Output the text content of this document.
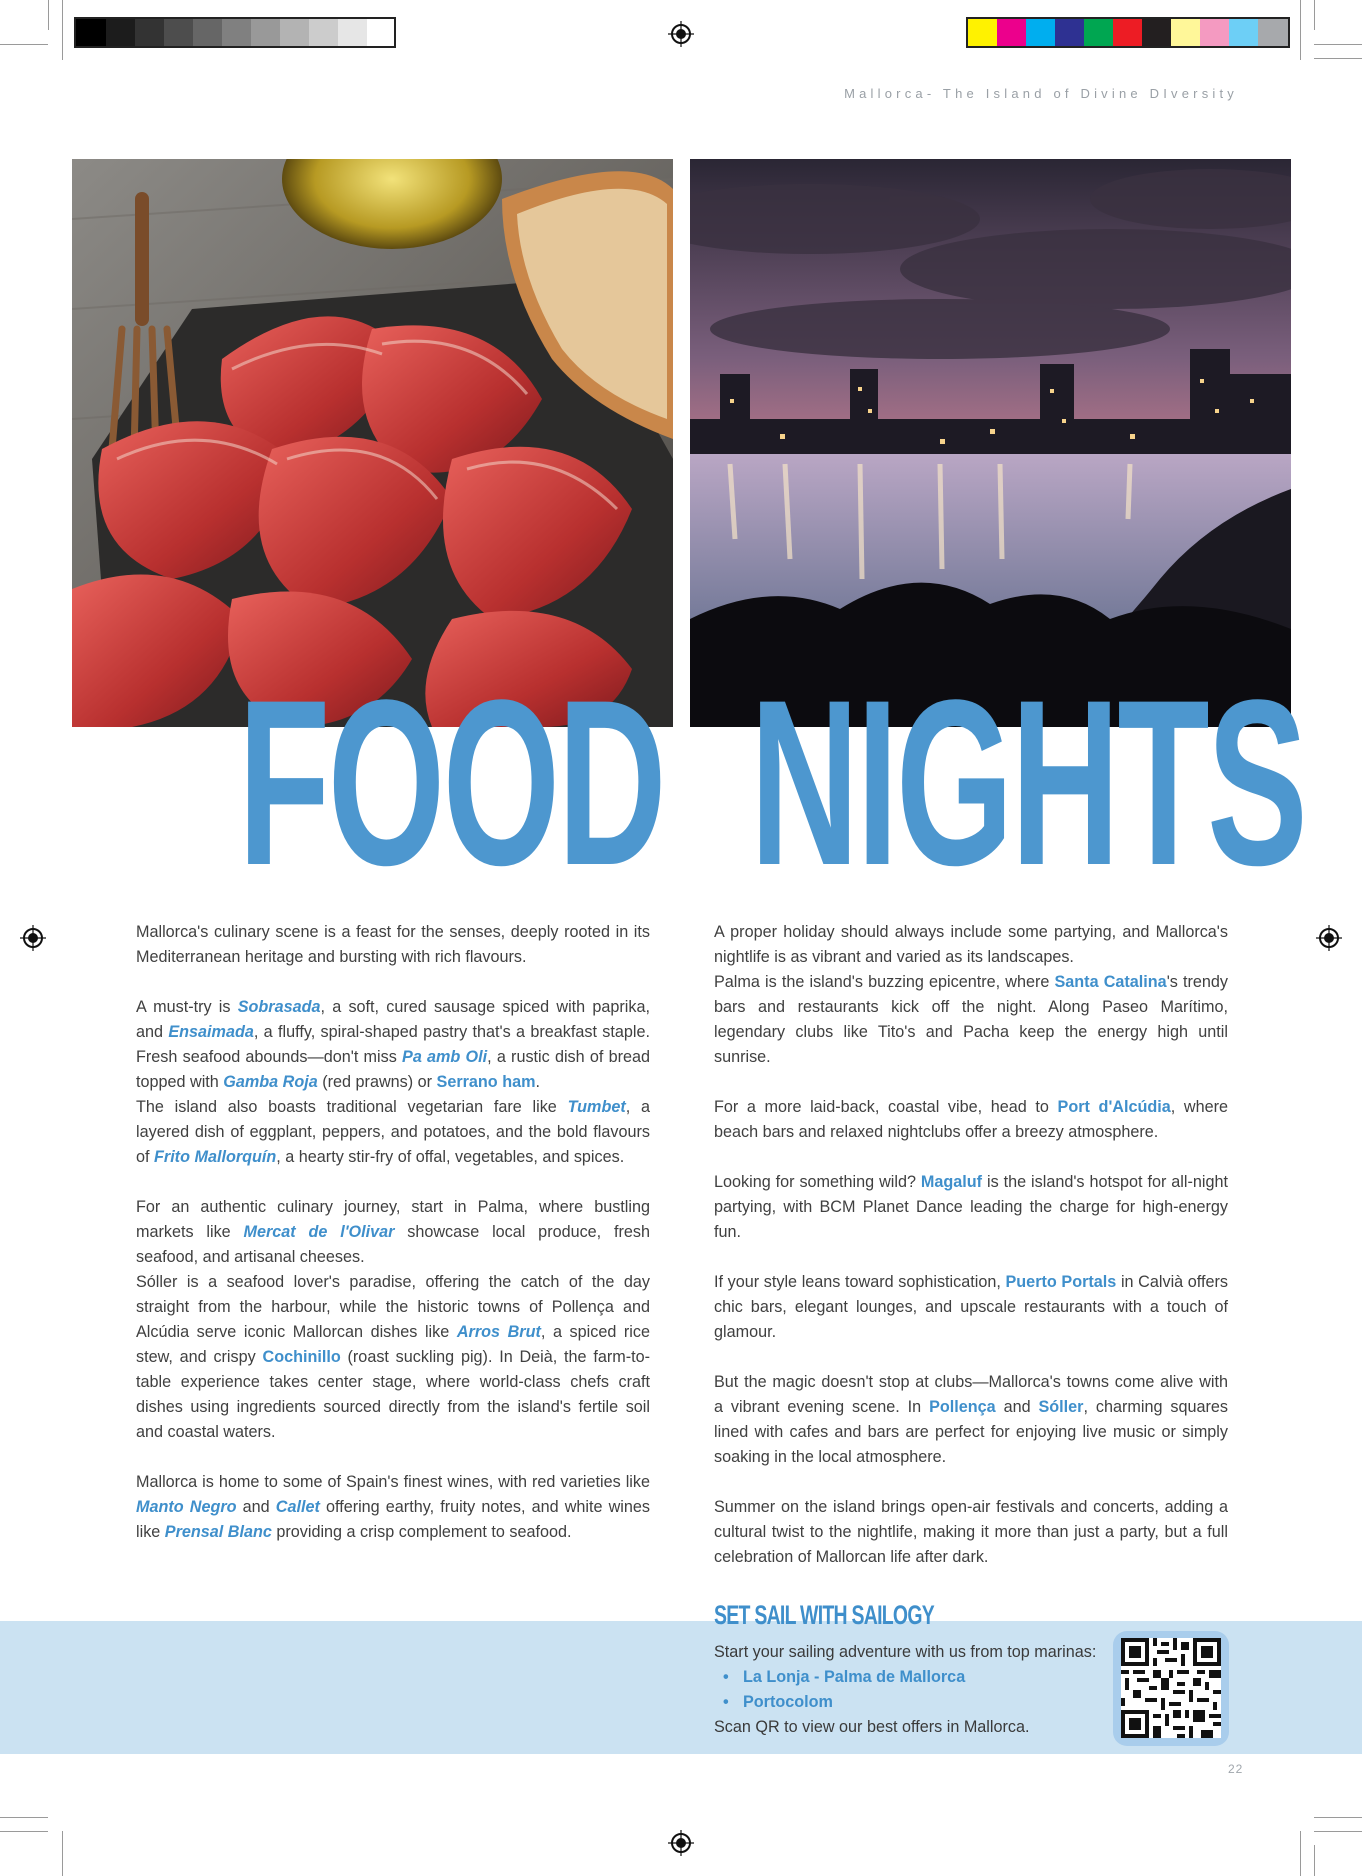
Mallorca- The Island of Divine DIversity
FOOD NIGHTS

Mallorca's culinary scene is a feast for the senses, deeply rooted in its Mediterranean heritage and bursting with rich flavours.

A must-try is Sobrasada, a soft, cured sausage spiced with paprika, and Ensaimada, a fluffy, spiral-shaped pastry that's a breakfast staple. Fresh seafood abounds—don't miss Pa amb Oli, a rustic dish of bread topped with Gamba Roja (red prawns) or Serrano ham.

The island also boasts traditional vegetarian fare like Tumbet, a layered dish of eggplant, peppers, and potatoes, and the bold flavours of Frito Mallorquín, a hearty stir-fry of offal, vegetables, and spices.

For an authentic culinary journey, start in Palma, where bustling markets like Mercat de l'Olivar showcase local produce, fresh seafood, and artisanal cheeses.

Sóller is a seafood lover's paradise, offering the catch of the day straight from the harbour, while the historic towns of Pollença and Alcúdia serve iconic Mallorcan dishes like Arros Brut, a spiced rice stew, and crispy Cochinillo (roast suckling pig). In Deià, the farm-to-table experience takes center stage, where world-class chefs craft dishes using ingredients sourced directly from the island's fertile soil and coastal waters.

Mallorca is home to some of Spain's finest wines, with red varieties like Manto Negro and Callet offering earthy, fruity notes, and white wines like Prensal Blanc providing a crisp complement to seafood.

A proper holiday should always include some partying, and Mallorca's nightlife is as vibrant and varied as its landscapes.

Palma is the island's buzzing epicentre, where Santa Catalina's trendy bars and restaurants kick off the night. Along Paseo Marítimo, legendary clubs like Tito's and Pacha keep the energy high until sunrise.

For a more laid-back, coastal vibe, head to Port d'Alcúdia, where beach bars and relaxed nightclubs offer a breezy atmosphere.

Looking for something wild? Magaluf is the island's hotspot for all-night partying, with BCM Planet Dance leading the charge for high-energy fun.

If your style leans toward sophistication, Puerto Portals in Calvià offers chic bars, elegant lounges, and upscale restaurants with a touch of glamour.

But the magic doesn't stop at clubs—Mallorca's towns come alive with a vibrant evening scene. In Pollença and Sóller, charming squares lined with cafes and bars are perfect for enjoying live music or simply soaking in the local atmosphere.

Summer on the island brings open-air festivals and concerts, adding a cultural twist to the nightlife, making it more than just a party, but a full celebration of Mallorcan life after dark.

SET SAIL WITH SAILOGY
Start your sailing adventure with us from top marinas:
• La Lonja - Palma de Mallorca
• Portocolom
Scan QR to view our best offers in Mallorca.
22
